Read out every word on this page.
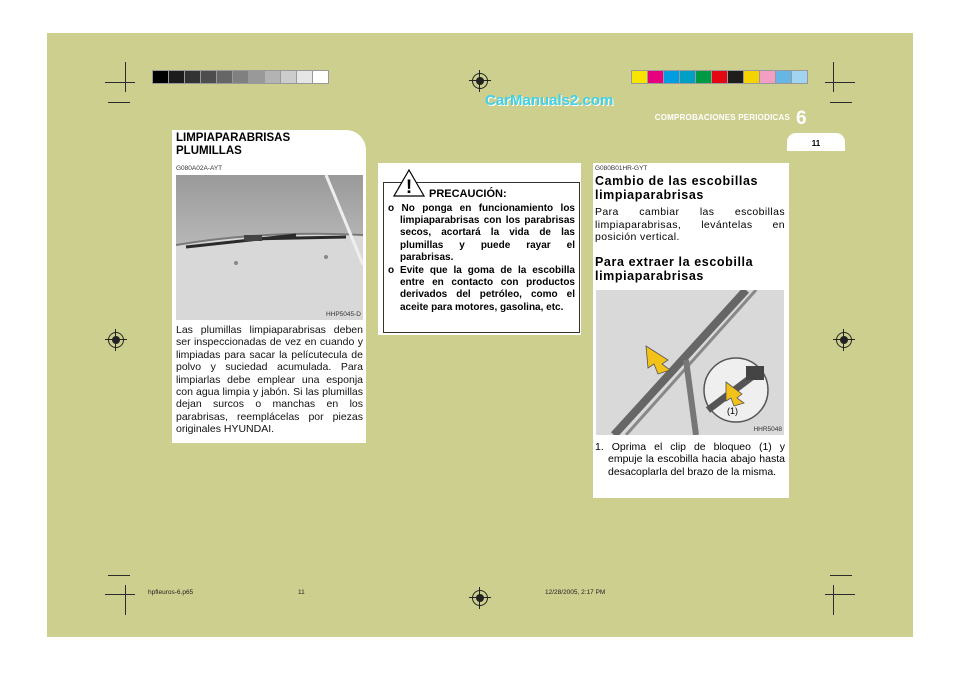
CarManuals2.com
COMPROBACIONES PERIODICAS 6
11
LIMPIAPARABRISAS
PLUMILLAS
G080A02A-AYT
HHP5045-D
Las plumillas limpiaparabrisas deben ser inspeccionadas de vez en cuando y limpiadas para sacar la pelícutecula de polvo y suciedad acumulada. Para limpiarlas debe emplear una esponja con agua limpia y jabón. Si las plumillas dejan surcos o manchas en los parabrisas, reemplácelas por piezas originales HYUNDAI.
! PRECAUCIÓN:
o No ponga en funcionamiento los limpiaparabrisas con los parabrisas secos, acortará la vida de las plumillas y puede rayar el parabrisas.
o Evite que la goma de la escobilla entre en contacto con productos derivados del petróleo, como el aceite para motores, gasolina, etc.
G080B01HR-GYT
Cambio de las escobillas limpiaparabrisas
Para cambiar las escobillas limpiaparabrisas, levántelas en posición vertical.
Para extraer la escobilla limpiaparabrisas
(1)
HHR5048
1. Oprima el clip de bloqueo (1) y empuje la escobilla hacia abajo hasta desacoplarla del brazo de la misma.
hpfleuros-6.p65	11	12/28/2005, 2:17 PM
